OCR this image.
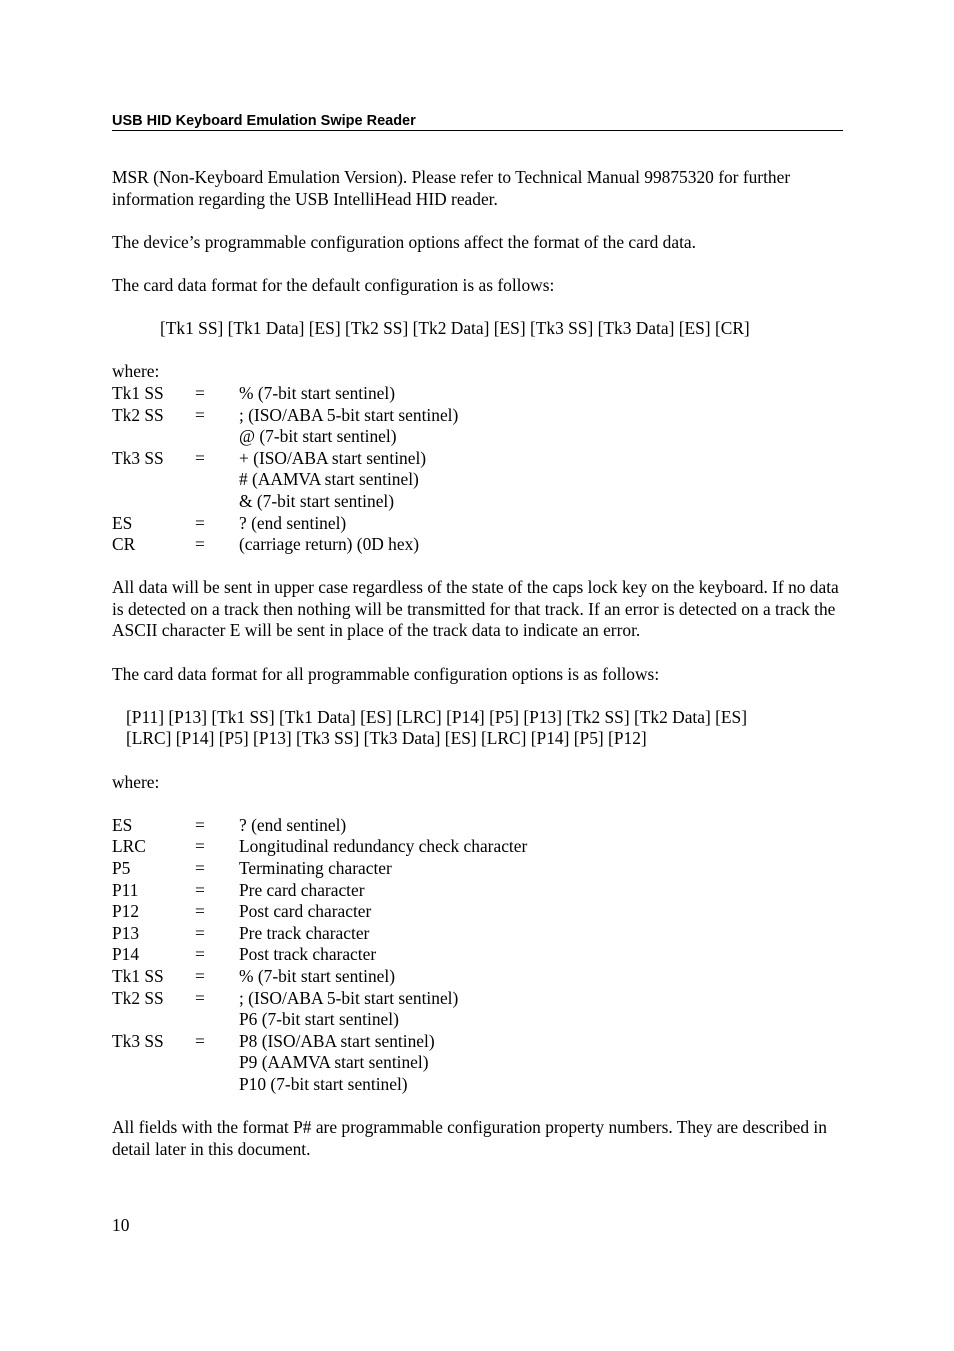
USB HID Keyboard Emulation Swipe Reader

MSR (Non-Keyboard Emulation Version). Please refer to Technical Manual 99875320 for further information regarding the USB IntelliHead HID reader.

The device’s programmable configuration options affect the format of the card data.

The card data format for the default configuration is as follows:

[Tk1 SS] [Tk1 Data] [ES] [Tk2 SS] [Tk2 Data] [ES] [Tk3 SS] [Tk3 Data] [ES] [CR]

where:

Tk1 SS	=	% (7-bit start sentinel)
Tk2 SS	=	; (ISO/ABA 5-bit start sentinel)
@ (7-bit start sentinel)
Tk3 SS	=	+ (ISO/ABA start sentinel)
# (AAMVA start sentinel)
& (7-bit start sentinel)
ES	=	? (end sentinel)
CR	=	(carriage return) (0D hex)

All data will be sent in upper case regardless of the state of the caps lock key on the keyboard. If no data is detected on a track then nothing will be transmitted for that track. If an error is detected on a track the ASCII character E will be sent in place of the track data to indicate an error.

The card data format for all programmable configuration options is as follows:

[P11] [P13] [Tk1 SS] [Tk1 Data] [ES] [LRC] [P14] [P5] [P13] [Tk2 SS] [Tk2 Data] [ES]
[LRC] [P14] [P5] [P13] [Tk3 SS] [Tk3 Data] [ES] [LRC] [P14] [P5] [P12]

where:

ES	=	? (end sentinel)
LRC	=	Longitudinal redundancy check character
P5	=	Terminating character
P11	=	Pre card character
P12	=	Post card character
P13	=	Pre track character
P14	=	Post track character
Tk1 SS	=	% (7-bit start sentinel)
Tk2 SS	=	; (ISO/ABA 5-bit start sentinel)
P6 (7-bit start sentinel)
Tk3 SS	=	P8 (ISO/ABA start sentinel)
P9 (AAMVA start sentinel)
P10 (7-bit start sentinel)

All fields with the format P# are programmable configuration property numbers. They are described in detail later in this document.

10
